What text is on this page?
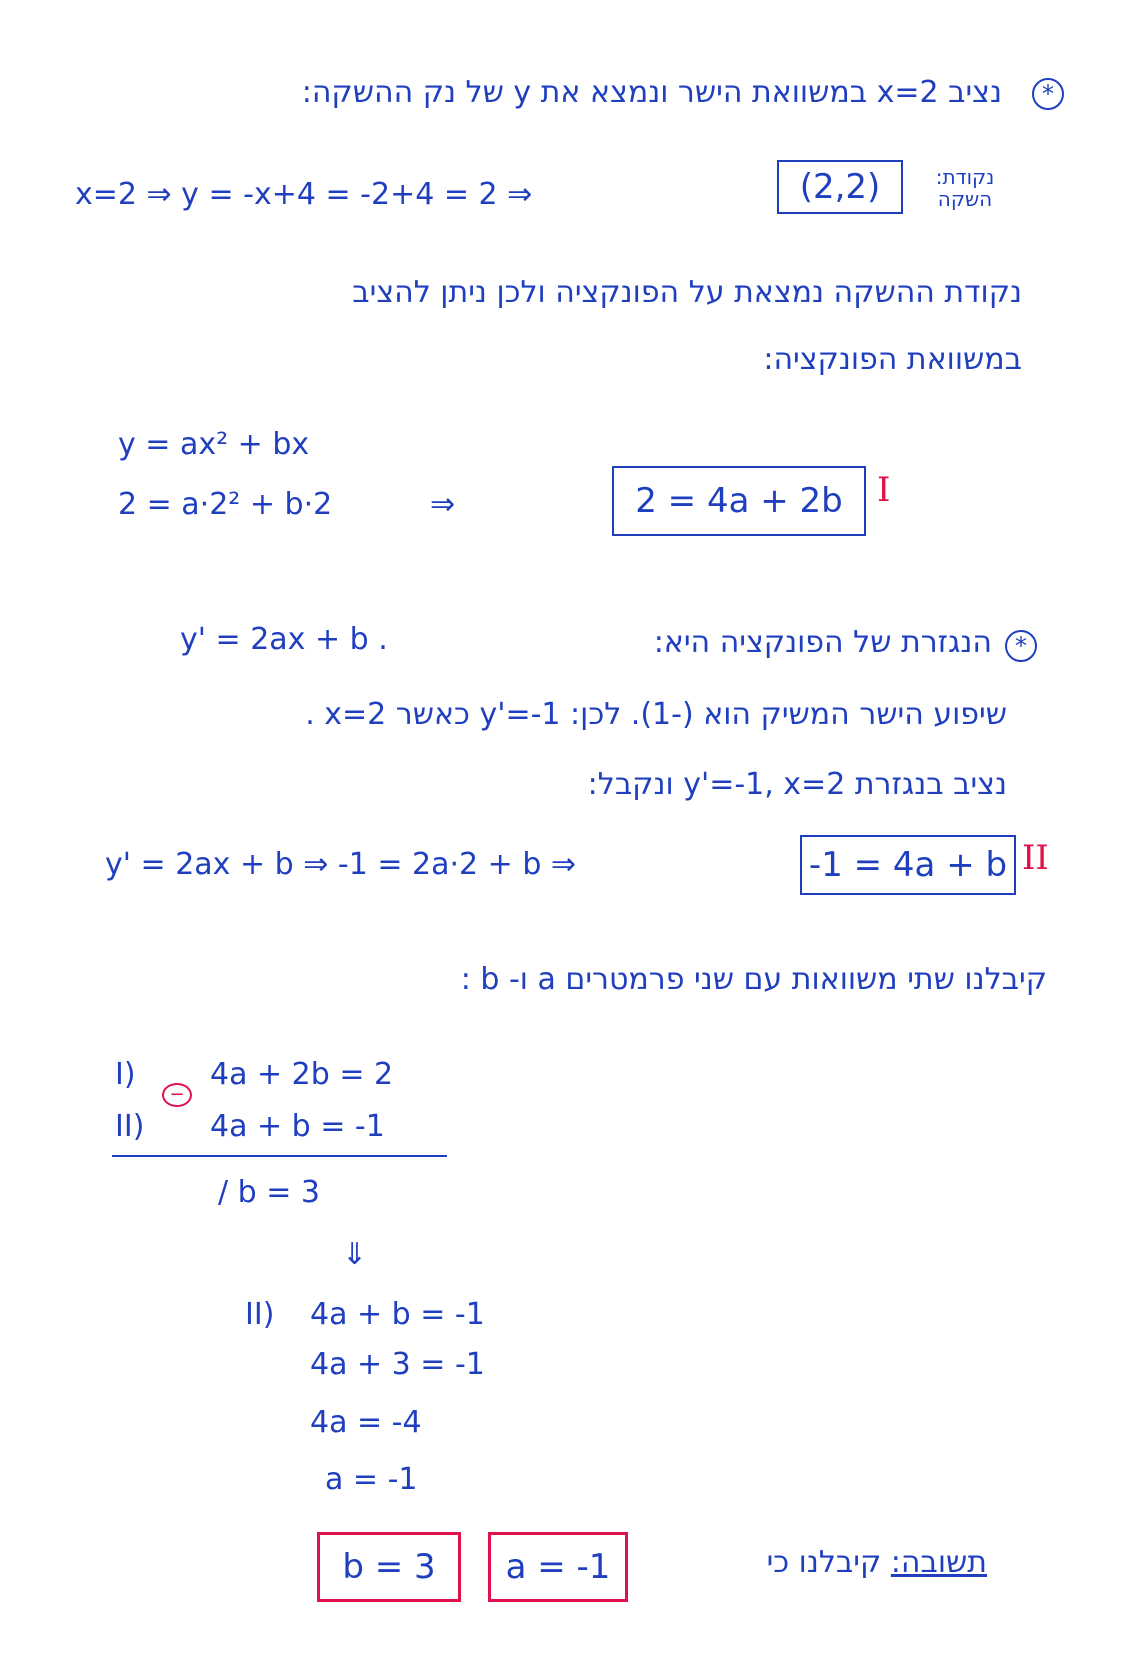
*
נציב x=2 במשוואת הישר ונמצא את y של נק ההשקה:
x=2 ⇒ y = -x+4 = -2+4 = 2 ⇒	(2,2)	נקודת: השקה
נקודת ההשקה נמצאת על הפונקציה ולכן ניתן להציב
במשוואת הפונקציה:
y = ax² + bx
2 = a·2² + b·2	⇒	2 = 4a + 2b I
*
הנגזרת של הפונקציה היא:
y' = 2ax + b .
שיפוע הישר המשיק הוא (-1). לכן: y'=-1 כאשר x=2 .
נציב בנגזרת y'=-1, x=2 ונקבל:
y' = 2ax + b ⇒ -1 = 2a·2 + b ⇒	-1 = 4a + b II
קיבלנו שתי משוואות עם שני פרמטרים a ו- b :
I) 4a + 2b = 2
−
II) 4a + b = -1
/ b = 3
⇓
II) 4a + b = -1
4a + 3 = -1
4a = -4
a = -1
b = 3 a = -1	תשובה: קיבלנו כי
